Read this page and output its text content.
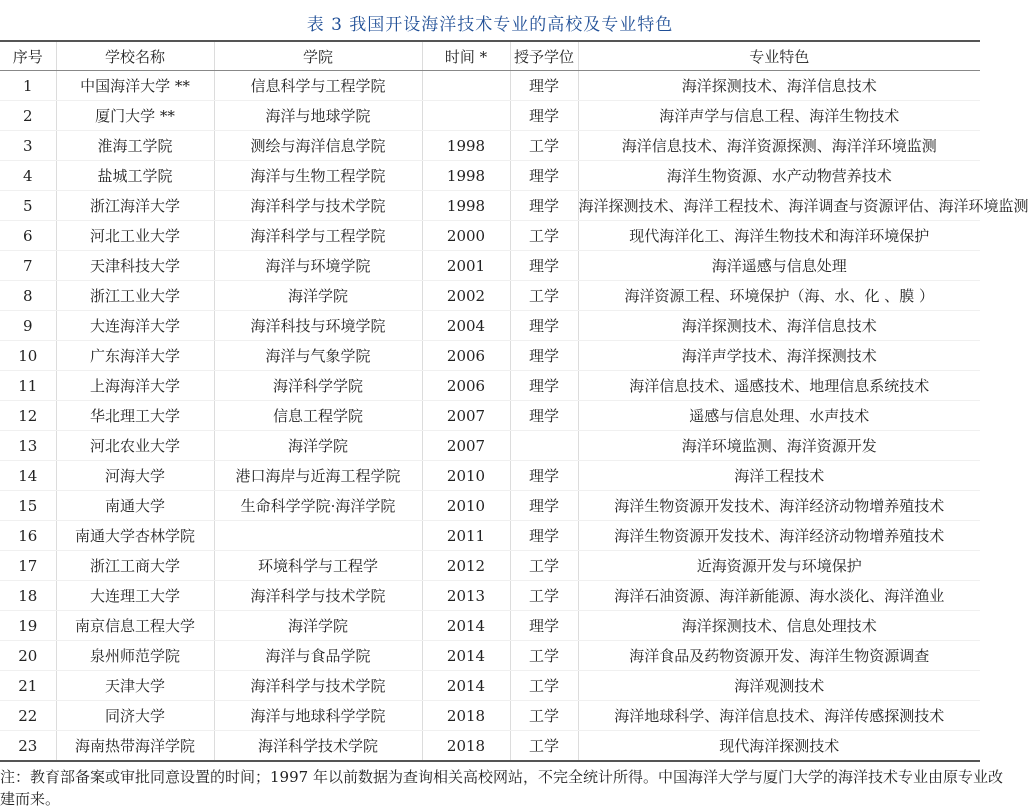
表 3 我国开设海洋技术专业的高校及专业特色
序号	学校名称	学院	时间 *	授予学位	专业特色
1	中国海洋大学 **	信息科学与工程学院		理学	海洋探测技术、海洋信息技术
2	厦门大学 **	海洋与地球学院		理学	海洋声学与信息工程、海洋生物技术
3	淮海工学院	测绘与海洋信息学院	1998	工学	海洋信息技术、海洋资源探测、海洋洋环境监测
4	盐城工学院	海洋与生物工程学院	1998	理学	海洋生物资源、水产动物营养技术
5	浙江海洋大学	海洋科学与技术学院	1998	理学	海洋探测技术、海洋工程技术、海洋调查与资源评估、海洋环境监测
6	河北工业大学	海洋科学与工程学院	2000	工学	现代海洋化工、海洋生物技术和海洋环境保护
7	天津科技大学	海洋与环境学院	2001	理学	海洋遥感与信息处理
8	浙江工业大学	海洋学院	2002	工学	海洋资源工程、环境保护（海、水、化 、膜 ）
9	大连海洋大学	海洋科技与环境学院	2004	理学	海洋探测技术、海洋信息技术
10	广东海洋大学	海洋与气象学院	2006	理学	海洋声学技术、海洋探测技术
11	上海海洋大学	海洋科学学院	2006	理学	海洋信息技术、遥感技术、地理信息系统技术
12	华北理工大学	信息工程学院	2007	理学	遥感与信息处理、水声技术
13	河北农业大学	海洋学院	2007		海洋环境监测、海洋资源开发
14	河海大学	港口海岸与近海工程学院	2010	理学	海洋工程技术
15	南通大学	生命科学学院·海洋学院	2010	理学	海洋生物资源开发技术、海洋经济动物增养殖技术
16	南通大学杏林学院		2011	理学	海洋生物资源开发技术、海洋经济动物增养殖技术
17	浙江工商大学	环境科学与工程学	2012	工学	近海资源开发与环境保护
18	大连理工大学	海洋科学与技术学院	2013	工学	海洋石油资源、海洋新能源、海水淡化、海洋渔业
19	南京信息工程大学	海洋学院	2014	理学	海洋探测技术、信息处理技术
20	泉州师范学院	海洋与食品学院	2014	工学	海洋食品及药物资源开发、海洋生物资源调查
21	天津大学	海洋科学与技术学院	2014	工学	海洋观测技术
22	同济大学	海洋与地球科学学院	2018	工学	海洋地球科学、海洋信息技术、海洋传感探测技术
23	海南热带海洋学院	海洋科学技术学院	2018	工学	现代海洋探测技术
注：教育部备案或审批同意设置的时间；1997 年以前数据为查询相关高校网站，不完全统计所得。中国海洋大学与厦门大学的海洋技术专业由原专业改建而来。
